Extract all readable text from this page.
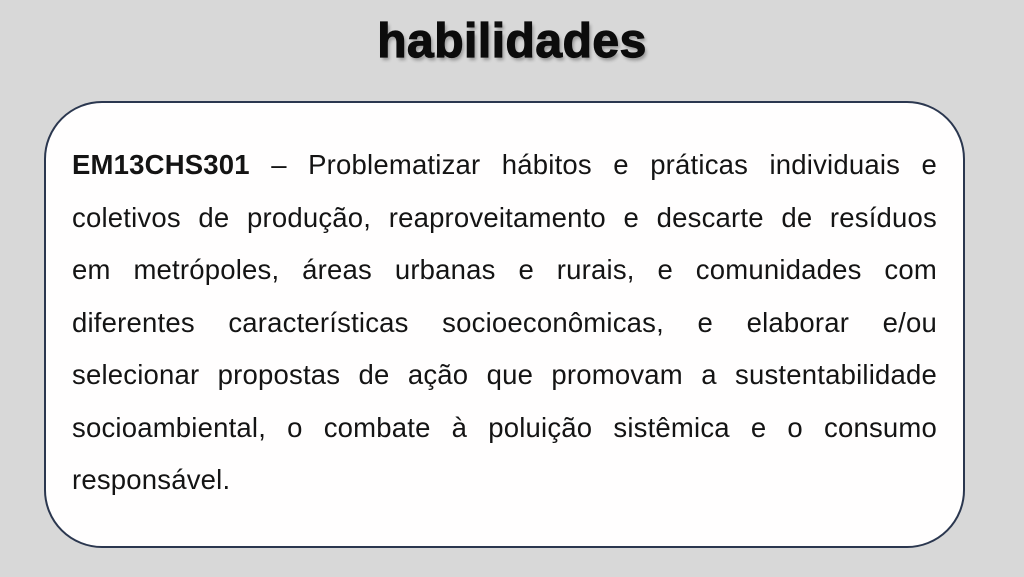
habilidades
EM13CHS301 – Problematizar hábitos e práticas individuais e
coletivos de produção, reaproveitamento e descarte de resíduos
em metrópoles, áreas urbanas e rurais, e comunidades com
diferentes características socioeconômicas, e elaborar e/ou
selecionar propostas de ação que promovam a sustentabilidade
socioambiental, o combate à poluição sistêmica e o consumo
responsável.
